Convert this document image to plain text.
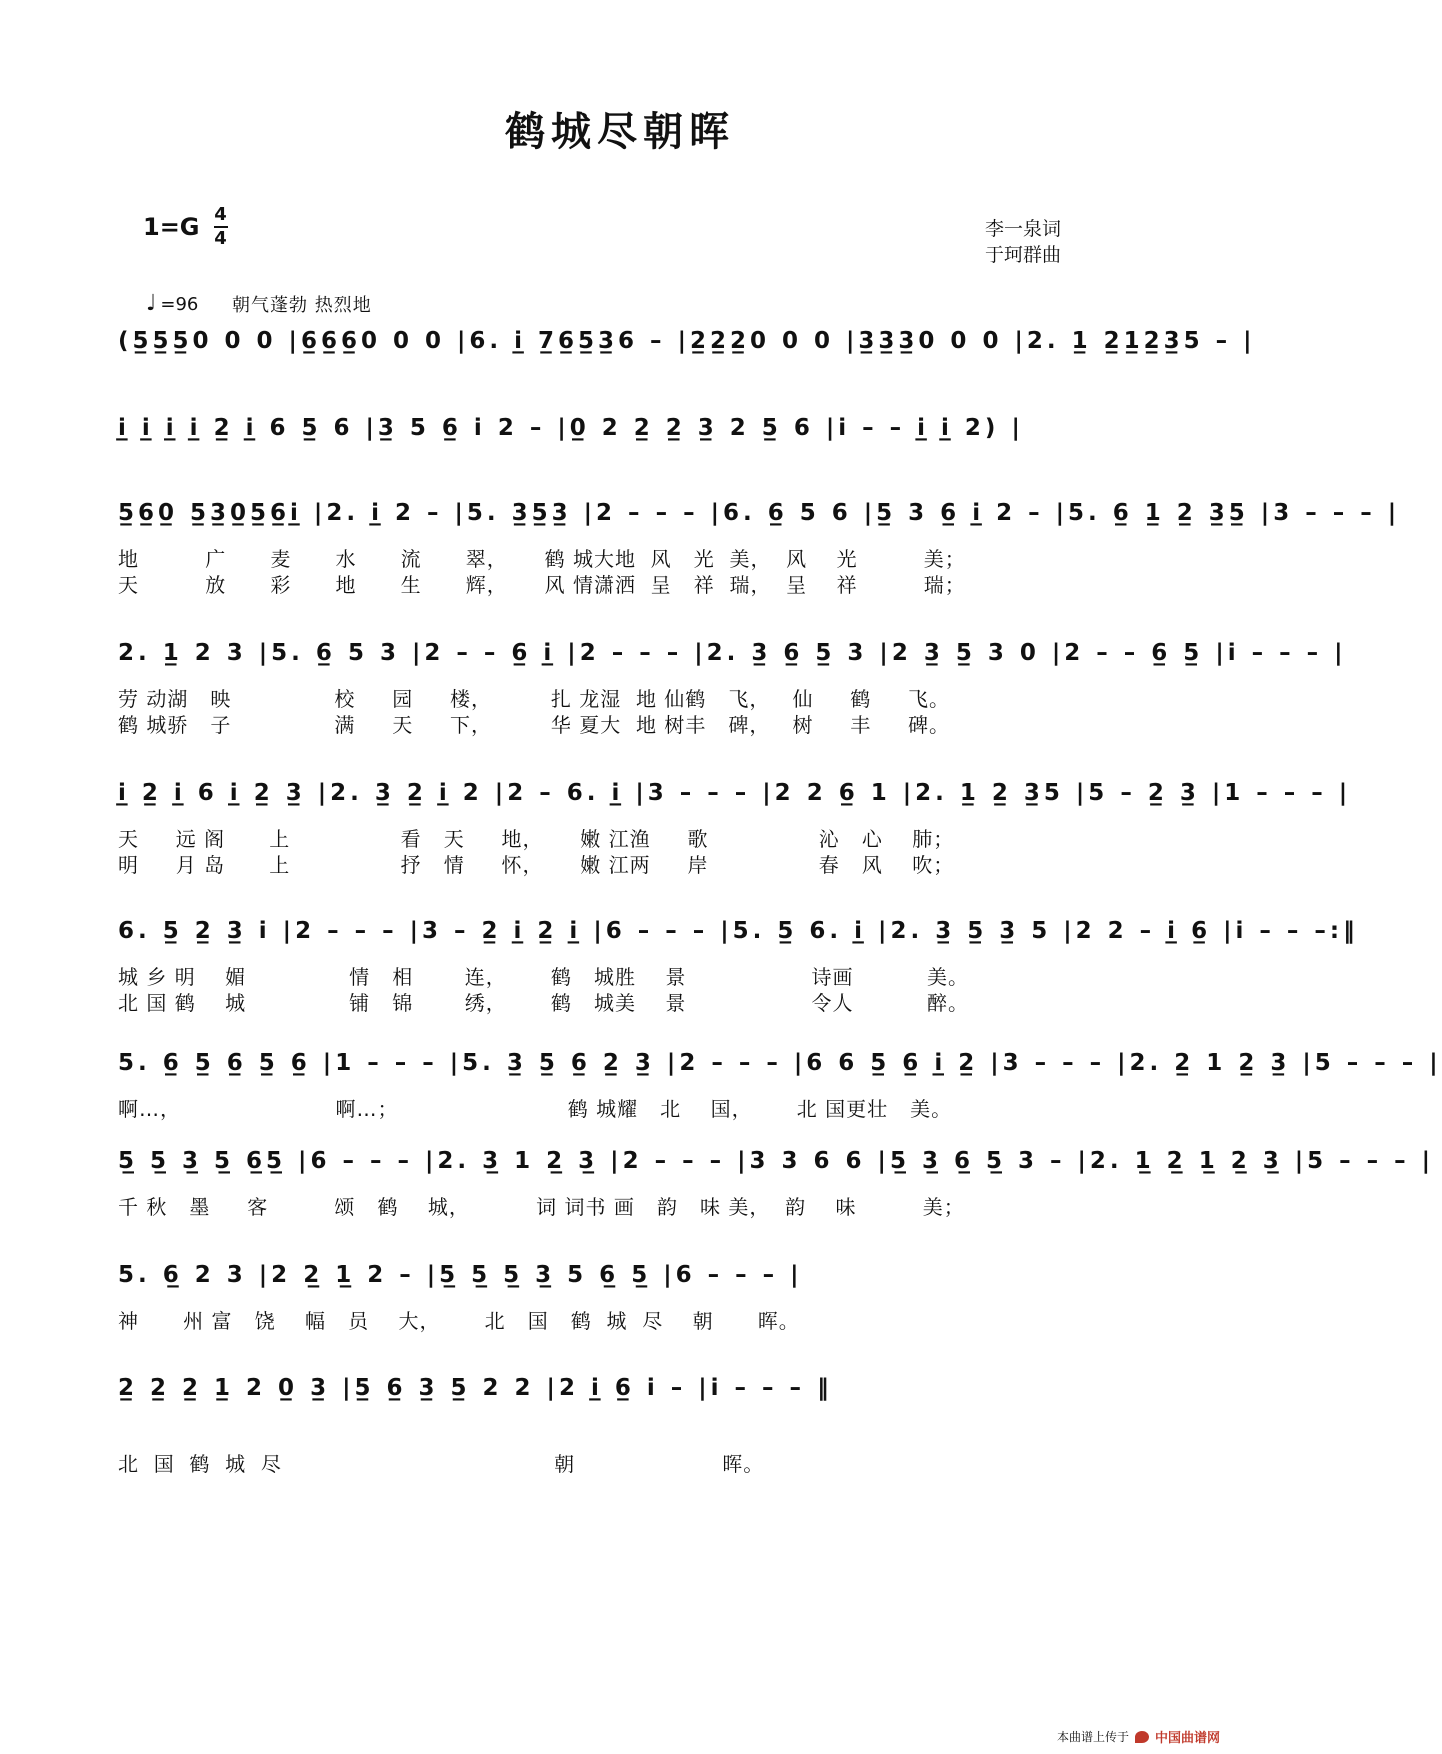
鹤城尽朝晖
1=G 4
4	李一泉词
于珂群曲
♩ =96 朝气蓬勃 热烈地
(5̲5̲5̲0 0 0 |6̲6̲6̲0 0 0 |6. i̲ 7̲6̲5̲3̲6 – |2̲2̲2̲0 0 0 |3̲3̲3̲0 0 0 |2. 1̲ 2̲1̲2̲3̲5 – |
i̲ i̲ i̲ i̲ 2̲ i̲ 6 5̲ 6 |3̲ 5 6̲ i 2 – |0̲ 2 2̲ 2̲ 3̲ 2 5̲ 6 |i – – i̲ i̲ 2) |
5̲6̲0̲ 5̲3̲0̲5̲6̲i̲ |2. i̲ 2 – |5. 3̲5̲3̲ |2 – – – |6. 6̲ 5 6 |5̲ 3 6̲ i̲ 2 – |5. 6̲ 1̲ 2̲ 3̲5̲ |3 – – – |
地         广      麦      水      流      翠，     鹤 城大地  风   光  美，  风    光         美；
天         放      彩      地      生      辉，     风 情潇洒  呈   祥  瑞，  呈    祥         瑞；
2. 1̲ 2 3 |5. 6̲ 5 3 |2 – – 6̲ i̲ |2 – – – |2. 3̲ 6̲ 5̲ 3 |2 3̲ 5̲ 3 0 |2 – – 6̲ 5̲ |i – – – |
劳 动湖   映              校     园     楼，        扎 龙湿  地 仙鹤   飞，   仙     鹤     飞。
鹤 城骄   子              满     天     下，        华 夏大  地 树丰   碑，   树     丰     碑。
i̲ 2̲ i̲ 6 i̲ 2̲ 3̲ |2. 3̲ 2̲ i̲ 2 |2 – 6. i̲ |3 – – – |2 2 6̲ 1 |2. 1̲ 2̲ 3̲5 |5 – 2̲ 3̲ |1 – – – |
天     远 阁      上               看   天     地，     嫩 江渔     歌               沁   心    肺；
明     月 岛      上               抒   情     怀，     嫩 江两     岸               春   风    吹；
6. 5̲ 2̲ 3̲ i |2 – – – |3 – 2̲ i̲ 2̲ i̲ |6 – – – |5. 5̲ 6. i̲ |2. 3̲ 5̲ 3̲ 5 |2 2 – i̲ 6̲ |i – – –:‖
城 乡 明    媚              情   相       连，      鹤   城胜    景                 诗画          美。
北 国 鹤    城              铺   锦       绣，      鹤   城美    景                 令人          醉。
5. 6̲ 5̲ 6̲ 5̲ 6̲ |1 – – – |5. 3̲ 5̲ 6̲ 2̲ 3̲ |2 – – – |6 6 5̲ 6̲ i̲ 2̲ |3 – – – |2. 2̲ 1 2̲ 3̲ |5 – – – |
啊…，                     啊…；                       鹤 城耀   北    国，      北 国更壮   美。
5̲ 5̲ 3̲ 5̲ 6̲5̲ |6 – – – |2. 3̲ 1 2̲ 3̲ |2 – – – |3 3 6 6 |5̲ 3̲ 6̲ 5̲ 3 – |2. 1̲ 2̲ 1̲ 2̲ 3̲ |5 – – – |
千 秋   墨     客         颂   鹤    城，         词 词书 画   韵   味 美，  韵    味         美；
5. 6̲ 2 3 |2 2̲ 1̲ 2 – |5̲ 5̲ 5̲ 3̲ 5 6̲ 5̲ |6 – – – |
神      州 富   饶    幅   员    大，      北   国   鹤  城  尽    朝      晖。
2̲ 2̲ 2̲ 1̲ 2 0̲ 3̲ |5̲ 6̲ 3̲ 5̲ 2 2 |2 i̲ 6̲ i – |i – – – ‖
北  国  鹤  城  尽                                     朝                    晖。
本曲谱上传于 中国曲谱网
